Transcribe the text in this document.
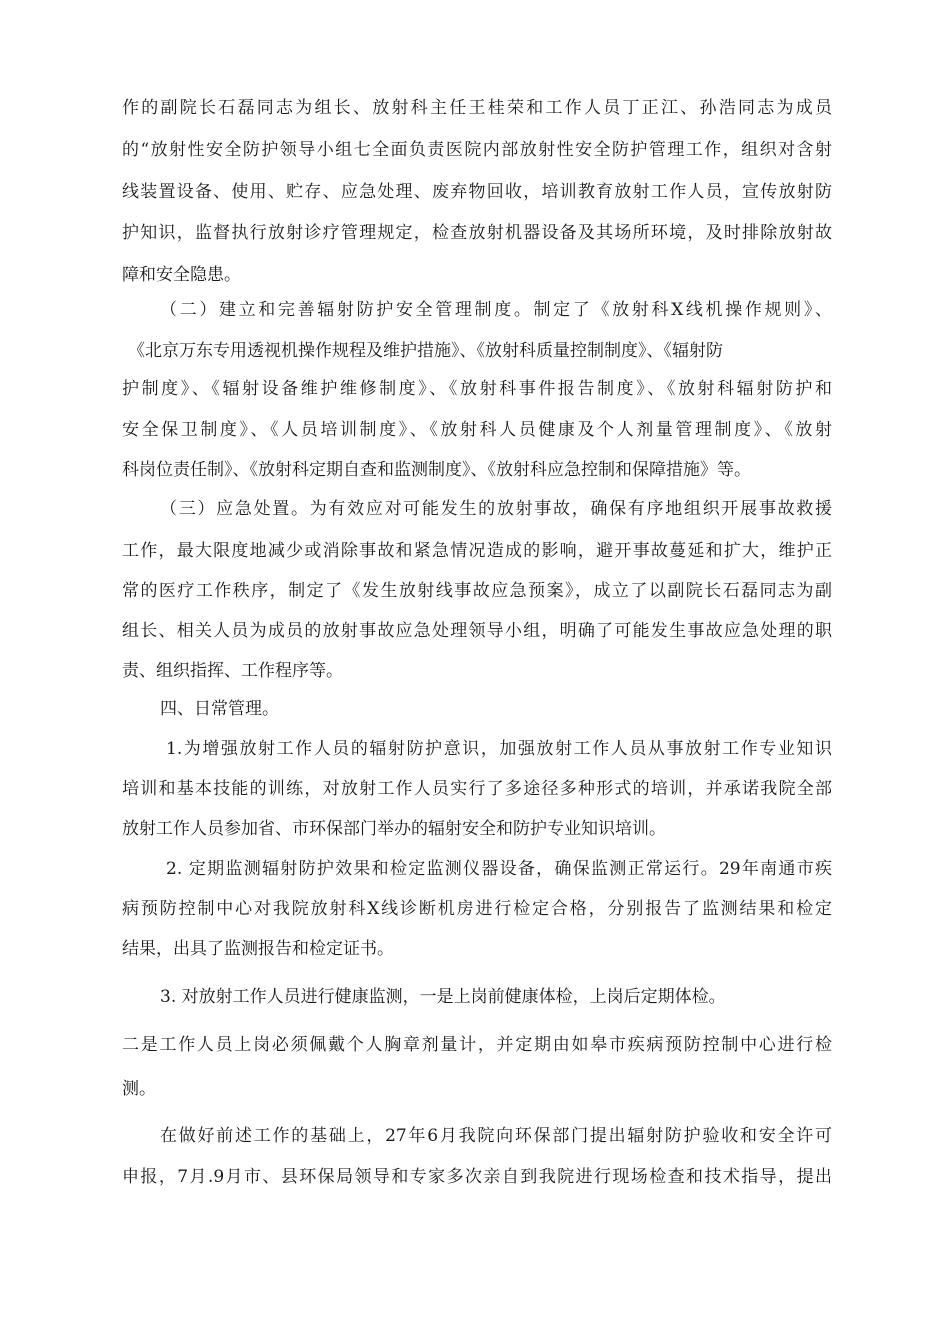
作的副院长石磊同志为组长、放射科主任王桂荣和工作人员丁正江、孙浩同志为成员
的“放射性安全防护领导小组七全面负责医院内部放射性安全防护管理工作，组织对含射
线装置设备、使用、贮存、应急处理、废弃物回收，培训教育放射工作人员，宣传放射防
护知识，监督执行放射诊疗管理规定，检查放射机器设备及其场所环境，及时排除放射故
障和安全隐患。
（二）建立和完善辐射防护安全管理制度。制定了《放射科X线机操作规则》、
《北京万东专用透视机操作规程及维护措施》、《放射科质量控制制度》、《辐射防
护制度》、《辐射设备维护维修制度》、《放射科事件报告制度》、《放射科辐射防护和
安全保卫制度》、《人员培训制度》、《放射科人员健康及个人剂量管理制度》、《放射
科岗位责任制》、《放射科定期自查和监测制度》、《放射科应急控制和保障措施》等。
（三）应急处置。为有效应对可能发生的放射事故，确保有序地组织开展事故救援
工作，最大限度地减少或消除事故和紧急情况造成的影响，避开事故蔓延和扩大，维护正
常的医疗工作秩序，制定了《发生放射线事故应急预案》，成立了以副院长石磊同志为副
组长、相关人员为成员的放射事故应急处理领导小组，明确了可能发生事故应急处理的职
责、组织指挥、工作程序等。
四、日常管理。
1.为增强放射工作人员的辐射防护意识，加强放射工作人员从事放射工作专业知识
培训和基本技能的训练，对放射工作人员实行了多途径多种形式的培训，并承诺我院全部
放射工作人员参加省、市环保部门举办的辐射安全和防护专业知识培训。
2. 定期监测辐射防护效果和检定监测仪器设备，确保监测正常运行。29年南通市疾
病预防控制中心对我院放射科X线诊断机房进行检定合格，分别报告了监测结果和检定
结果，出具了监测报告和检定证书。
3. 对放射工作人员进行健康监测，一是上岗前健康体检，上岗后定期体检。
二是工作人员上岗必须佩戴个人胸章剂量计，并定期由如皋市疾病预防控制中心进行检
测。
在做好前述工作的基础上，27年6月我院向环保部门提出辐射防护验收和安全许可
申报，7月.9月市、县环保局领导和专家多次亲自到我院进行现场检查和技术指导，提出
